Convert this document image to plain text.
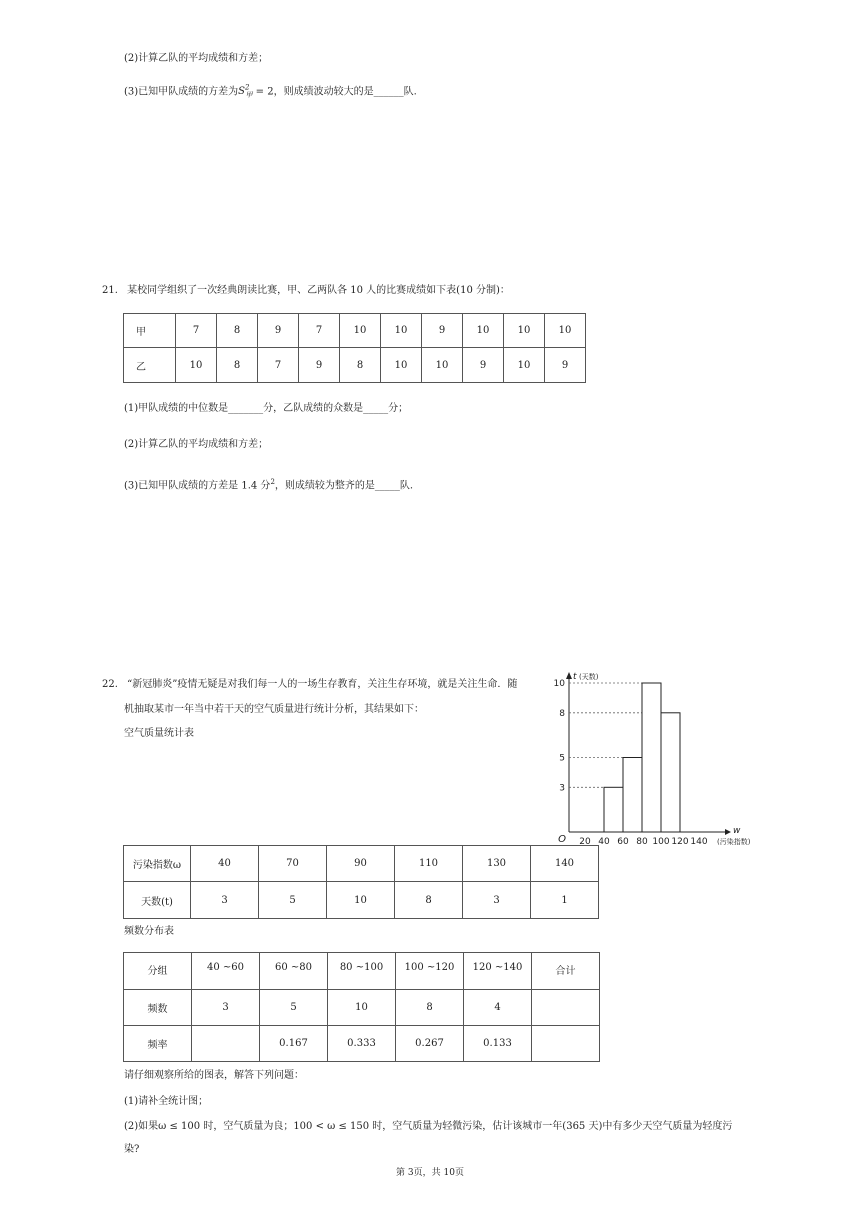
(2)计算乙队的平均成绩和方差；
(3)已知甲队成绩的方差为$S^2_甲 = 2$，则成绩波动较大的是______队.
21. 某校同学组织了一次经典朗读比赛，甲、乙两队各 10 人的比赛成绩如下表(10 分制)：
甲	7	8	9	7	10	10	9	10	10	10
乙	10	8	7	9	8	10	10	9	10	9
(1)甲队成绩的中位数是_______分，乙队成绩的众数是_____分；
(2)计算乙队的平均成绩和方差；
(3)已知甲队成绩的方差是 1.4 分$^2$，则成绩较为整齐的是_____队.
22. “新冠肺炎”疫情无疑是对我们每一人的一场生存教育，关注生存环境，就是关注生命．随
机抽取某市一年当中若干天的空气质量进行统计分析，其结果如下：
空气质量统计表
3
5
8
10
20 40 60 80 100 120 140
O
t (天数)
w
(污染指数)
污染指数ω	40	70	90	110	130	140
天数(t)	3	5	10	8	3	1
频数分布表
分组	40 ~60	60 ~80	80 ~100	100 ~120	120 ~140	合计
频数	3	5	10	8	4	
频率		0.167	0.333	0.267	0.133	
请仔细观察所给的图表，解答下列问题：
(1)请补全统计图；
(2)如果ω ≤ 100 时，空气质量为良；100 < ω ≤ 150 时，空气质量为轻微污染，估计该城市一年(365 天)中有多少天空气质量为轻度污
染?
第 3页，共 10页
